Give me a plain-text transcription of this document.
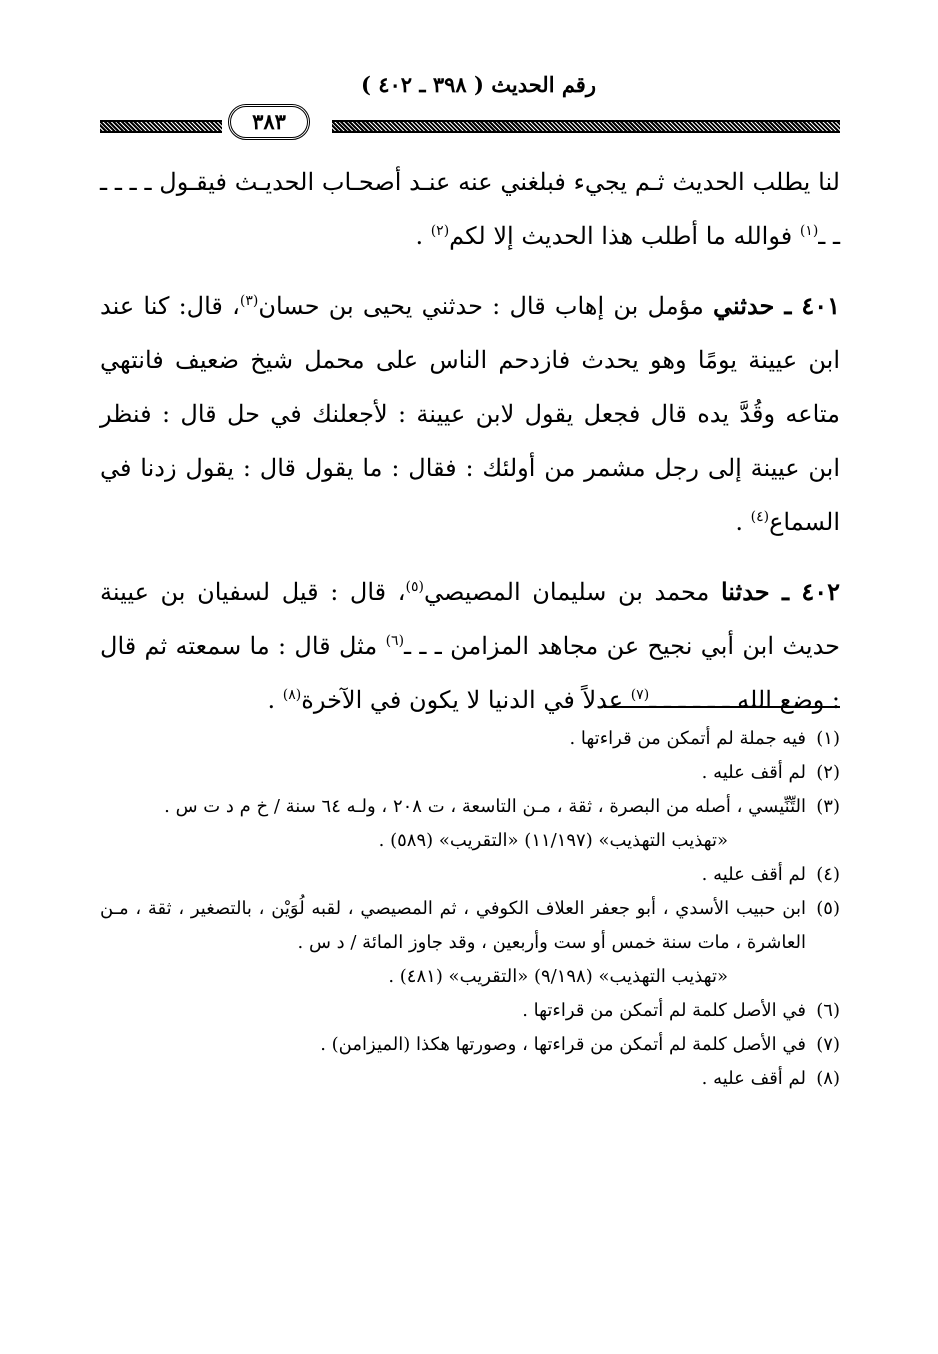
رقم الحديث ( ٣٩٨ ـ ٤٠٢ )
٣٨٣

لنا يطلب الحديث ثـم يجيء فبلغني عنه عنـد أصحـاب الحديـث فيقـول ـ ـ ـ ـ ـ ـ$^{(١)}$ فوالله ما أطلب هذا الحديث إلا لكم$^{(٢)}$ .

٤٠١ ـ حدثني مؤمل بن إهاب قال : حدثني يحيى بن حسان$^{(٣)}$، قال: كنا عند ابن عيينة يومًا وهو يحدث فازدحم الناس على محمل شيخ ضعيف فانتهي متاعه وقُدَّ يده قال فجعل يقول لابن عيينة : لأجعلنك في حل قال : فنظر ابن عيينة إلى رجل مشمر من أولئك : فقال : ما يقول قال : يقول زدنا في السماع$^{(٤)}$ .

٤٠٢ ـ حدثنا محمد بن سليمان المصيصي$^{(٥)}$، قال : قيل لسفيان بن عيينة حديث ابن أبي نجيح عن مجاهد المزامن ـ ـ ـ$^{(٦)}$ مثل قال : ما سمعته ثم قال : وضع الله ـ ـ ـ ـ ـ ـ$^{(٧)}$ عدلاً في الدنيا لا يكون في الآخرة$^{(٨)}$ .

(١)
فيه جملة لم أتمكن من قراءتها .
(٢)
لم أقف عليه .
(٣)
التِّنِّيسي ، أصله من البصرة ، ثقة ، مـن التاسعة ، ت ٢٠٨ ، ولـه ٦٤ سنة / خ م د ت س .
«تهذيب التهذيب» (١١/١٩٧) «التقريب» (٥٨٩) .
(٤)
لم أقف عليه .
(٥)
ابن حبيب الأسدي ، أبو جعفر العلاف الكوفي ، ثم المصيصي ، لقبه لُوَيْن ، بالتصغير ، ثقة ، مـن العاشرة ، مات سنة خمس أو ست وأربعين ، وقد جاوز المائة / د س .
«تهذيب التهذيب» (٩/١٩٨) «التقريب» (٤٨١) .
(٦)
في الأصل كلمة لم أتمكن من قراءتها .
(٧)
في الأصل كلمة لم أتمكن من قراءتها ، وصورتها هكذا (الميزامن) .
(٨)
لم أقف عليه .
